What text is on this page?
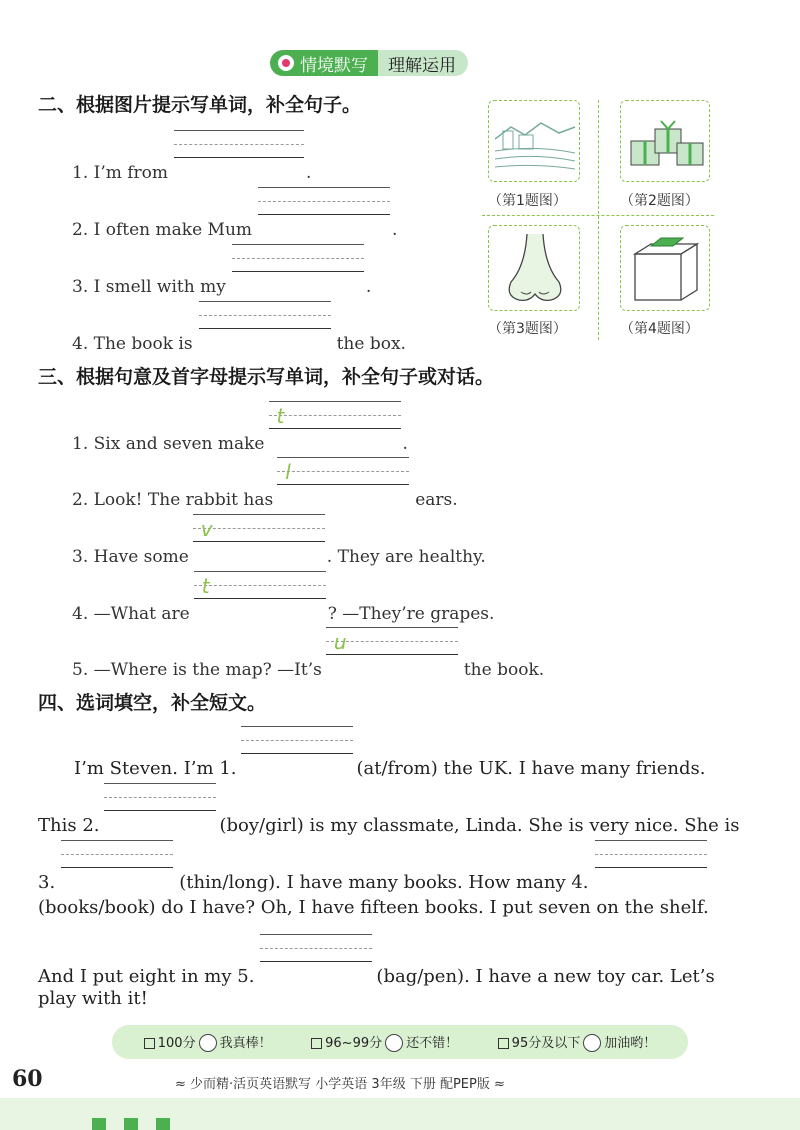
情境默写	理解运用
二、根据图片提示写单词，补全句子。
1. I’m from	.
2. I often make Mum	.
3. I smell with my	.
4. The book is	the box.
（第1题图）	（第2题图）
（第3题图）	（第4题图）
三、根据句意及首字母提示写单词，补全句子或对话。
1. Six and seven make
t
.
2. Look! The rabbit has
l
ears.
3. Have some
v
. They are healthy.
4. —What are
t
? —They’re grapes.
5. —Where is the map? —It’s
u
the book.
四、选词填空，补全短文。
I’m Steven. I’m 1.	(at/from) the UK. I have many friends.
This 2.	(boy/girl) is my classmate, Linda. She is very nice. She is
3.	(thin/long). I have many books. How many 4.
(books/book) do I have? Oh, I have fifteen books. I put seven on the shelf.
And I put eight in my 5.	(bag/pen). I have a new toy car. Let’s
play with it!
100分 我真棒！	96~99分 还不错！	95分及以下 加油哟！
60	≈ 少而精·活页英语默写 小学英语 3年级 下册 配PEP版 ≈
